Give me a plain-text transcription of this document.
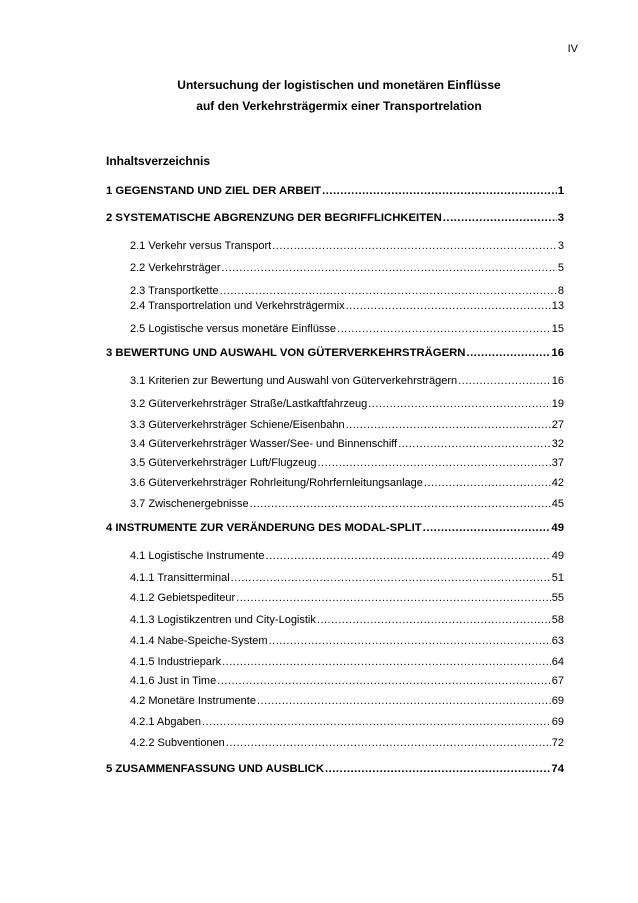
IV
Untersuchung der logistischen und monetären Einflüsse
auf den Verkehrsträgermix einer Transportrelation
Inhaltsverzeichnis
1 GEGENSTAND UND ZIEL DER ARBEIT .....	1
2 SYSTEMATISCHE ABGRENZUNG DER BEGRIFFLICHKEITEN .....	3
2.1 Verkehr versus Transport .....	3
2.2 Verkehrsträger .....	5
2.3 Transportkette .....	8
2.4 Transportrelation und Verkehrsträgermix .....	13
2.5 Logistische versus monetäre Einflüsse .....	15
3 BEWERTUNG UND AUSWAHL VON GÜTERVERKEHRSTRÄGERN .....	16
3.1 Kriterien zur Bewertung und Auswahl von Güterverkehrsträgern .....	16
3.2 Güterverkehrsträger Straße/Lastkaftfahrzeug .....	19
3.3 Güterverkehrsträger Schiene/Eisenbahn .....	27
3.4 Güterverkehrsträger Wasser/See- und Binnenschiff .....	32
3.5 Güterverkehrsträger Luft/Flugzeug .....	37
3.6 Güterverkehrsträger Rohrleitung/Rohrfernleitungsanlage .....	42
3.7 Zwischenergebnisse .....	45
4 INSTRUMENTE ZUR VERÄNDERUNG DES MODAL-SPLIT .....	49
4.1 Logistische Instrumente .....	49
4.1.1 Transitterminal .....	51
4.1.2 Gebietspediteur .....	55
4.1.3 Logistikzentren und City-Logistik .....	58
4.1.4 Nabe-Speiche-System .....	63
4.1.5 Industriepark .....	64
4.1.6 Just in Time .....	67
4.2 Monetäre Instrumente .....	69
4.2.1 Abgaben .....	69
4.2.2 Subventionen .....	72
5 ZUSAMMENFASSUNG UND AUSBLICK .....	74
